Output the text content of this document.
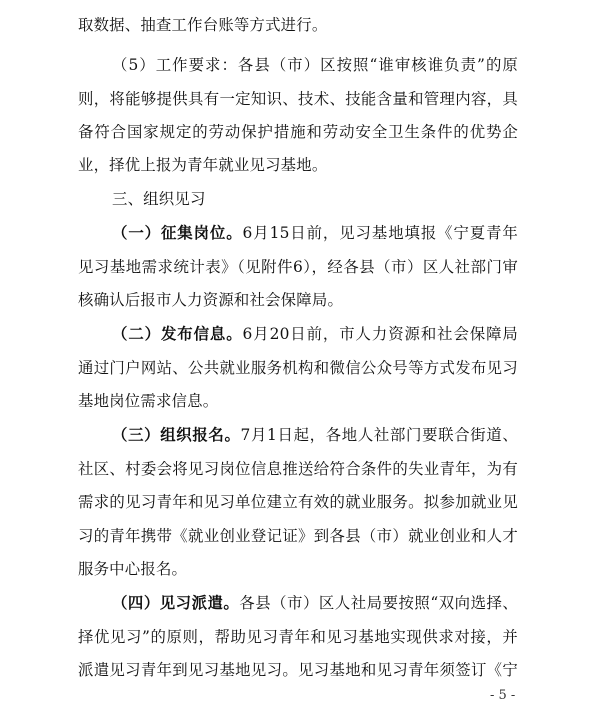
取数据、抽查工作台账等方式进行。
（5）工作要求：各县（市）区按照“谁审核谁负责”的原
则，将能够提供具有一定知识、技术、技能含量和管理内容，具
备符合国家规定的劳动保护措施和劳动安全卫生条件的优势企
业，择优上报为青年就业见习基地。
三、组织见习
（一）征集岗位。6月15日前，见习基地填报《宁夏青年
见习基地需求统计表》（见附件6），经各县（市）区人社部门审
核确认后报市人力资源和社会保障局。
（二）发布信息。6月20日前，市人力资源和社会保障局
通过门户网站、公共就业服务机构和微信公众号等方式发布见习
基地岗位需求信息。
（三）组织报名。7月1日起，各地人社部门要联合街道、
社区、村委会将见习岗位信息推送给符合条件的失业青年，为有
需求的见习青年和见习单位建立有效的就业服务。拟参加就业见
习的青年携带《就业创业登记证》到各县（市）就业创业和人才
服务中心报名。
（四）见习派遣。各县（市）区人社局要按照“双向选择、
择优见习”的原则，帮助见习青年和见习基地实现供求对接，并
派遣见习青年到见习基地见习。见习基地和见习青年须签订《宁
- 5 -
